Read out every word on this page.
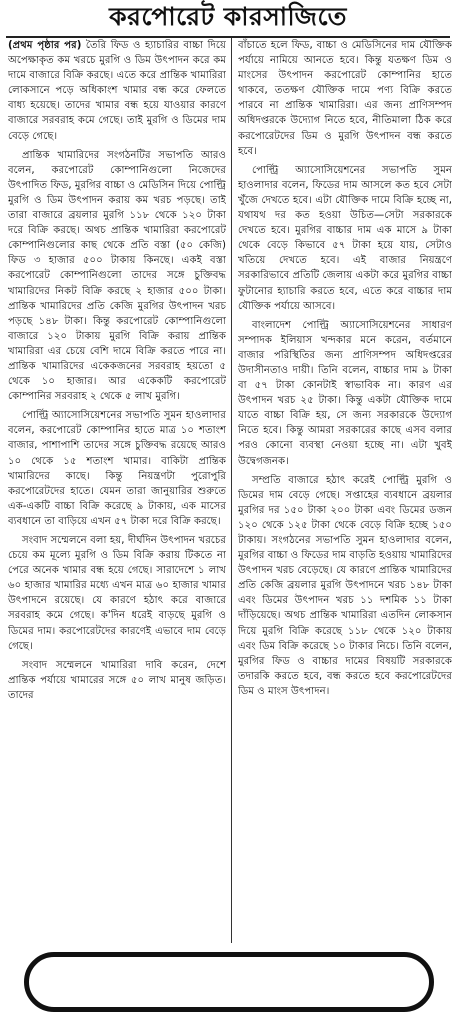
করপোরেট কারসাজিতে

(প্রথম পৃষ্ঠার পর) তৈরি ফিড ও হ্যাচারির বাচ্চা দিয়ে অপেক্ষাকৃত কম খরচে মুরগি ও ডিম উৎপাদন করে কম দামে বাজারে বিক্রি করছে। এতে করে প্রান্তিক খামারিরা লোকসানে পড়ে অধিকাংশ খামার বন্ধ করে ফেলতে বাধ্য হয়েছে। তাদের খামার বন্ধ হয়ে যাওয়ার কারণে বাজারে সরবরাহ কমে গেছে। তাই মুরগি ও ডিমের দাম বেড়ে গেছে।

প্রান্তিক খামারিদের সংগঠনটির সভাপতি আরও বলেন, করপোরেট কোম্পানিগুলো নিজেদের উৎপাদিত ফিড, মুরগির বাচ্চা ও মেডিসিন দিয়ে পোল্ট্রি মুরগি ও ডিম উৎপাদন করায় কম খরচ পড়ছে। তাই তারা বাজারে ব্রয়লার মুরগি ১১৮ থেকে ১২০ টাকা দরে বিক্রি করছে। অথচ প্রান্তিক খামারিরা করপোরেট কোম্পানিগুলোর কাছ থেকে প্রতি বস্তা (৫০ কেজি) ফিড ৩ হাজার ৫০০ টাকায় কিনছে। একই বস্তা করপোরেট কোম্পানিগুলো তাদের সঙ্গে চুক্তিবদ্ধ খামারিদের নিকট বিক্রি করছে ২ হাজার ৫০০ টাকা। প্রান্তিক খামারিদের প্রতি কেজি মুরগির উৎপাদন খরচ পড়ছে ১৪৮ টাকা। কিন্তু করপোরেট কোম্পানিগুলো বাজারে ১২০ টাকায় মুরগি বিক্রি করায় প্রান্তিক খামারিরা এর চেয়ে বেশি দামে বিক্রি করতে পারে না। প্রান্তিক খামারিদের একেকজনের সরবরাহ হয়তো ৫ থেকে ১০ হাজার। আর একেকটি করপোরেট কোম্পানির সরবরাহ ২ থেকে ৫ লাখ মুরগি।

পোল্ট্রি অ্যাসোসিয়েশনের সভাপতি সুমন হাওলাদার বলেন, করপোরেট কোম্পানির হাতে মাত্র ১০ শতাংশ বাজার, পাশাপাশি তাদের সঙ্গে চুক্তিবদ্ধ রয়েছে আরও ১০ থেকে ১৫ শতাংশ খামার। বাকিটা প্রান্তিক খামারিদের কাছে। কিন্তু নিয়ন্ত্রণটা পুরোপুরি করপোরেটদের হাতে। যেমন তারা জানুয়ারির শুরুতে এক-একটি বাচ্চা বিক্রি করেছে ৯ টাকায়, এক মাসের ব্যবধানে তা বাড়িয়ে এখন ৫৭ টাকা দরে বিক্রি করছে।

সংবাদ সম্মেলনে বলা হয়, দীর্ঘদিন উৎপাদন খরচের চেয়ে কম মূল্যে মুরগি ও ডিম বিক্রি করায় টিকতে না পেরে অনেক খামার বন্ধ হয়ে গেছে। সারাদেশে ১ লাখ ৬০ হাজার খামারির মধ্যে এখন মাত্র ৬০ হাজার খামার উৎপাদনে রয়েছে। যে কারণে হঠাৎ করে বাজারে সরবরাহ কমে গেছে। ক'দিন ধরেই বাড়ছে মুরগি ও ডিমের দাম। করপোরেটদের কারণেই এভাবে দাম বেড়ে গেছে।

সংবাদ সম্মেলনে খামারিরা দাবি করেন, দেশে প্রান্তিক পর্যায়ে খামারের সঙ্গে ৫০ লাখ মানুষ জড়িত। তাদের

বাঁচাতে হলে ফিড, বাচ্চা ও মেডিসিনের দাম যৌক্তিক পর্যায়ে নামিয়ে আনতে হবে। কিন্তু যতক্ষণ ডিম ও মাংসের উৎপাদন করপোরেট কোম্পানির হাতে থাকবে, ততক্ষণ যৌক্তিক দামে পণ্য বিক্রি করতে পারবে না প্রান্তিক খামারিরা। এর জন্য প্রাণিসম্পদ অধিদপ্তরকে উদ্যোগ নিতে হবে, নীতিমালা ঠিক করে করপোরেটদের ডিম ও মুরগি উৎপাদন বন্ধ করতে হবে।

পোল্ট্রি অ্যাসোসিয়েশনের সভাপতি সুমন হাওলাদার বলেন, ফিডের দাম আসলে কত হবে সেটা খুঁজে দেখতে হবে। এটা যৌক্তিক দামে বিক্রি হচ্ছে না, যথাযথ দর কত হওয়া উচিত—সেটা সরকারকে দেখতে হবে। মুরগির বাচ্চার দাম এক মাসে ৯ টাকা থেকে বেড়ে কিভাবে ৫৭ টাকা হয়ে যায়, সেটাও খতিয়ে দেখতে হবে। এই বাজার নিয়ন্ত্রণে সরকারিভাবে প্রতিটি জেলায় একটা করে মুরগির বাচ্চা ফুটানোর হ্যাচারি করতে হবে, এতে করে বাচ্চার দাম যৌক্তিক পর্যায়ে আসবে।

বাংলাদেশ পোল্ট্রি অ্যাসোসিয়েশনের সাধারণ সম্পাদক ইলিয়াস খন্দকার মনে করেন, বর্তমানে বাজার পরিস্থিতির জন্য প্রাণিসম্পদ অধিদপ্তরের উদাসীনতাও দায়ী। তিনি বলেন, বাচ্চার দাম ৯ টাকা বা ৫৭ টাকা কোনটাই স্বাভাবিক না। কারণ এর উৎপাদন খরচ ২৫ টাকা। কিন্তু একটা যৌক্তিক দামে যাতে বাচ্চা বিক্রি হয়, সে জন্য সরকারকে উদ্যোগ নিতে হবে। কিন্তু আমরা সরকারের কাছে এসব বলার পরও কোনো ব্যবস্থা নেওয়া হচ্ছে না। এটা খুবই উদ্বেগজনক।

সম্প্রতি বাজারে হঠাৎ করেই পোল্ট্রি মুরগি ও ডিমের দাম বেড়ে গেছে। সপ্তাহের ব্যবধানে ব্রয়লার মুরগির দর ১৫০ টাকা ২০০ টাকা এবং ডিমের ডজন ১২০ থেকে ১২৫ টাকা থেকে বেড়ে বিক্রি হচ্ছে ১৫০ টাকায়। সংগঠনের সভাপতি সুমন হাওলাদার বলেন, মুরগির বাচ্চা ও ফিডের দাম বাড়তি হওয়ায় খামারিদের উৎপাদন খরচ বেড়েছে। যে কারণে প্রান্তিক খামারিদের প্রতি কেজি ব্রয়লার মুরগি উৎপাদনে খরচ ১৪৮ টাকা এবং ডিমের উৎপাদন খরচ ১১ দশমিক ১১ টাকা দাঁড়িয়েছে। অথচ প্রান্তিক খামারিরা এতদিন লোকসান দিয়ে মুরগি বিক্রি করেছে ১১৮ থেকে ১২০ টাকায় এবং ডিম বিক্রি করেছে ১০ টাকার নিচে। তিনি বলেন, মুরগির ফিড ও বাচ্চার দামের বিষয়টি সরকারকে তদারকি করতে হবে, বন্ধ করতে হবে করপোরেটদের ডিম ও মাংস উৎপাদন।
